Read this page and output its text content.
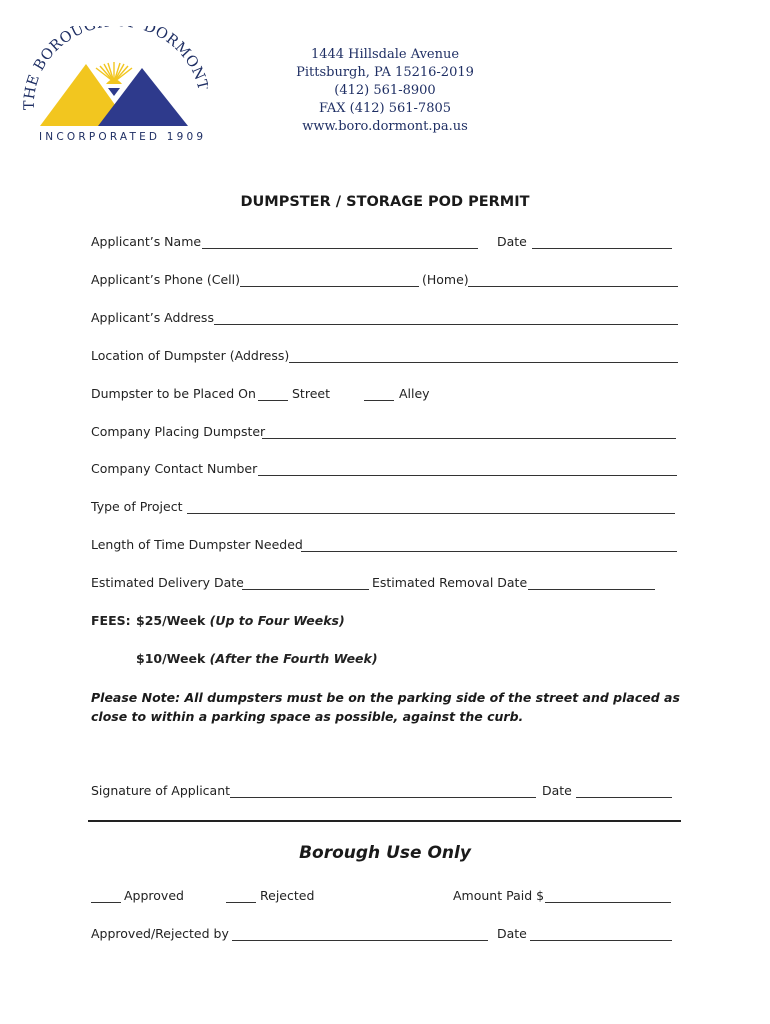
THE BOROUG DORMON
INCORPORATED 1909
1444 Hillsdale Avenue
Pittsburgh, PA 15216-2019
(412) 561-8900
FAX (412) 561-7805
www.boro.dormont.pa.us
DUMPSTER / STORAGE POD PERMIT
Applicant’s Name	Date
Applicant’s Phone (Cell)	(Home)
Applicant’s Address
Location of Dumpster (Address)
Dumpster to be Placed On	Street	Alley
Company Placing Dumpster
Company Contact Number
Type of Project
Length of Time Dumpster Needed
Estimated Delivery Date	Estimated Removal Date
FEES: $25/Week (Up to Four Weeks)
$10/Week (After the Fourth Week)
Please Note: All dumpsters must be on the parking side of the street and placed as close to within a parking space as possible, against the curb.
Signature of Applicant	Date
Borough Use Only
Approved	Rejected	Amount Paid $
Approved/Rejected by	Date
